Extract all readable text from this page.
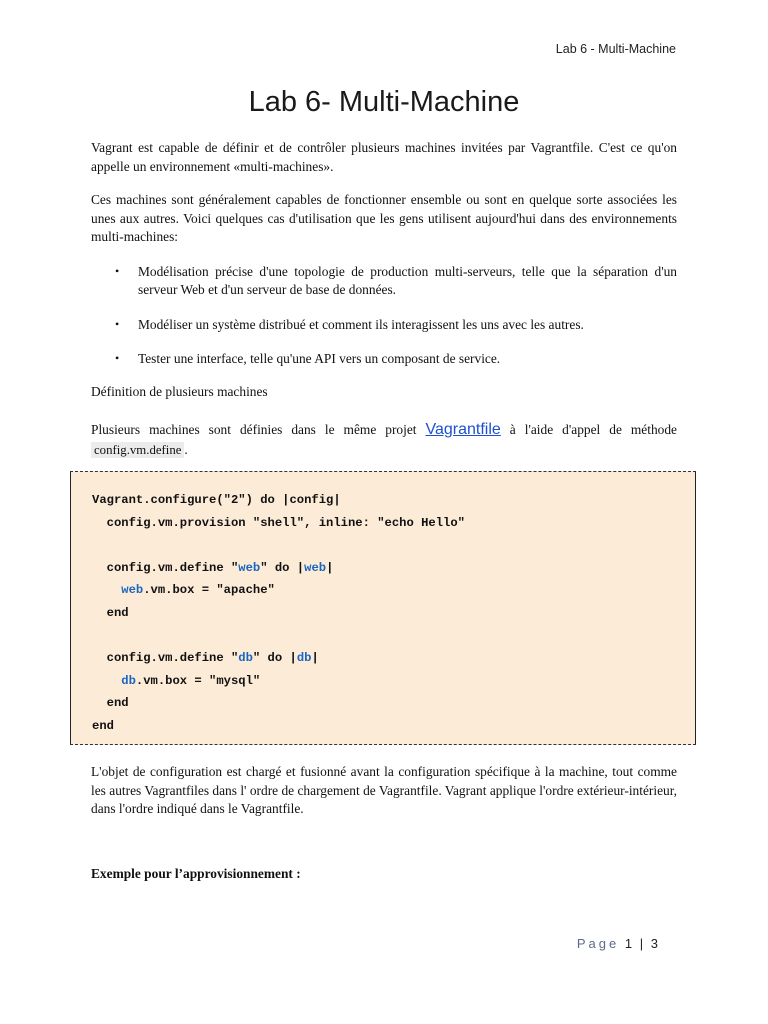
Lab 6 - Multi-Machine
Lab 6- Multi-Machine

Vagrant est capable de définir et de contrôler plusieurs machines invitées par Vagrantfile. C'est ce qu'on appelle un environnement «multi-machines».

Ces machines sont généralement capables de fonctionner ensemble ou sont en quelque sorte associées les unes aux autres. Voici quelques cas d'utilisation que les gens utilisent aujourd'hui dans des environnements multi-machines:

• Modélisation précise d'une topologie de production multi-serveurs, telle que la séparation d'un serveur Web et d'un serveur de base de données.
• Modéliser un système distribué et comment ils interagissent les uns avec les autres.
• Tester une interface, telle qu'une API vers un composant de service.

Définition de plusieurs machines

Plusieurs machines sont définies dans le même projet Vagrantfile à l'aide d'appel de méthode config.vm.define .

Vagrant.configure("2") do |config|
config.vm.provision "shell", inline: "echo Hello"

config.vm.define "web" do |web|
web.vm.box = "apache"
end

config.vm.define "db" do |db|
db.vm.box = "mysql"
end
end

L'objet de configuration est chargé et fusionné avant la configuration spécifique à la machine, tout comme les autres Vagrantfiles dans l' ordre de chargement de Vagrantfile. Vagrant applique l'ordre extérieur-intérieur, dans l'ordre indiqué dans le Vagrantfile.

Exemple pour l’approvisionnement :

Page 1 | 3
